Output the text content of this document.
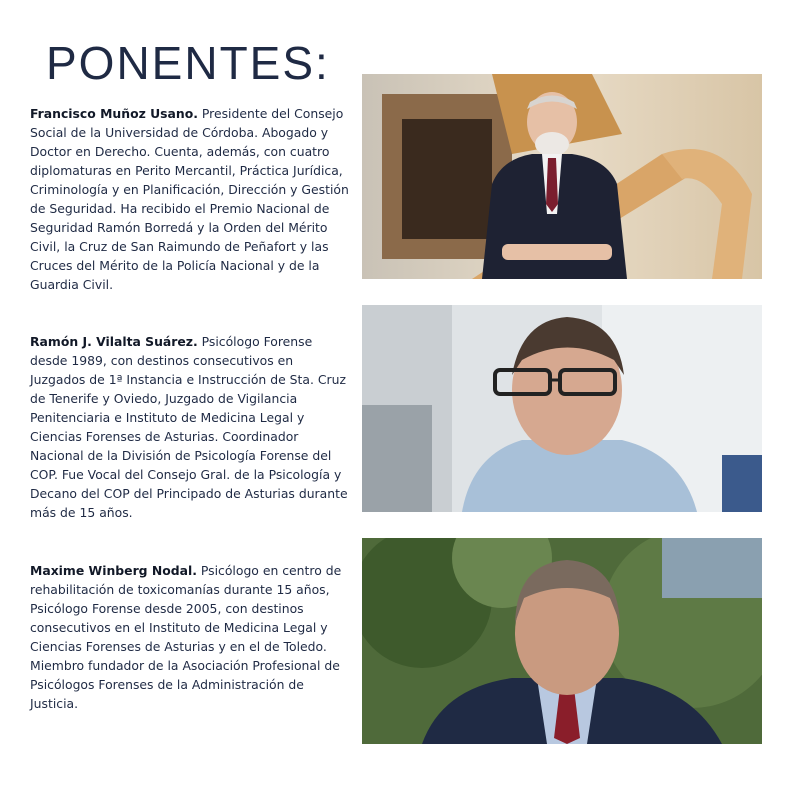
PONENTES:
Francisco Muñoz Usano. Presidente del Consejo Social de la Universidad de Córdoba. Abogado y Doctor en Derecho. Cuenta, además, con cuatro diplomaturas en Perito Mercantil, Práctica Jurídica, Criminología y en Planificación, Dirección y Gestión de Seguridad. Ha recibido el Premio Nacional de Seguridad Ramón Borredá y la Orden del Mérito Civil, la Cruz de San Raimundo de Peñafort y las Cruces del Mérito de la Policía Nacional y de la Guardia Civil.
Ramón J. Vilalta Suárez. Psicólogo Forense desde 1989, con destinos consecutivos en Juzgados de 1ª Instancia e Instrucción de Sta. Cruz de Tenerife y Oviedo, Juzgado de Vigilancia Penitenciaria e Instituto de Medicina Legal y Ciencias Forenses de Asturias. Coordinador Nacional de la División de Psicología Forense del COP. Fue Vocal del Consejo Gral. de la Psicología y Decano del COP del Principado de Asturias durante más de 15 años.
Maxime Winberg Nodal. Psicólogo en centro de rehabilitación de toxicomanías durante 15 años, Psicólogo Forense desde 2005, con destinos consecutivos en el Instituto de Medicina Legal y Ciencias Forenses de Asturias y en el de Toledo. Miembro fundador de la Asociación Profesional de Psicólogos Forenses de la Administración de Justicia.
